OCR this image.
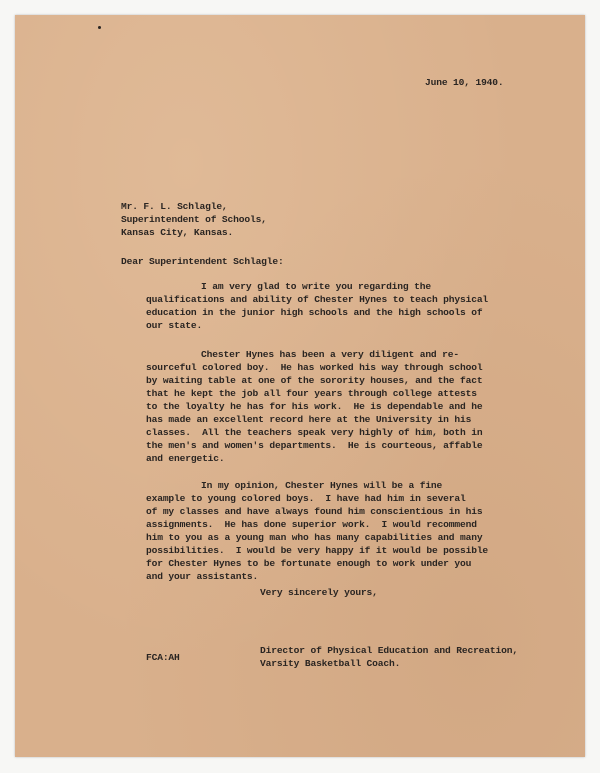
June 10, 1940.
Mr. F. L. Schlagle,
Superintendent of Schools,
Kansas City, Kansas.
Dear Superintendent Schlagle:
I am very glad to write you regarding the
qualifications and ability of Chester Hynes to teach physical
education in the junior high schools and the high schools of
our state.
Chester Hynes has been a very diligent and re-
sourceful colored boy.  He has worked his way through school
by waiting table at one of the sorority houses, and the fact
that he kept the job all four years through college attests
to the loyalty he has for his work.  He is dependable and he
has made an excellent record here at the University in his
classes.  All the teachers speak very highly of him, both in
the men's and women's departments.  He is courteous, affable
and energetic.
In my opinion, Chester Hynes will be a fine
example to young colored boys.  I have had him in several
of my classes and have always found him conscientious in his
assignments.  He has done superior work.  I would recommend
him to you as a young man who has many capabilities and many
possibilities.  I would be very happy if it would be possible
for Chester Hynes to be fortunate enough to work under you
and your assistants.
Very sincerely yours,
Director of Physical Education and Recreation,
Varsity Basketball Coach.
FCA:AH
